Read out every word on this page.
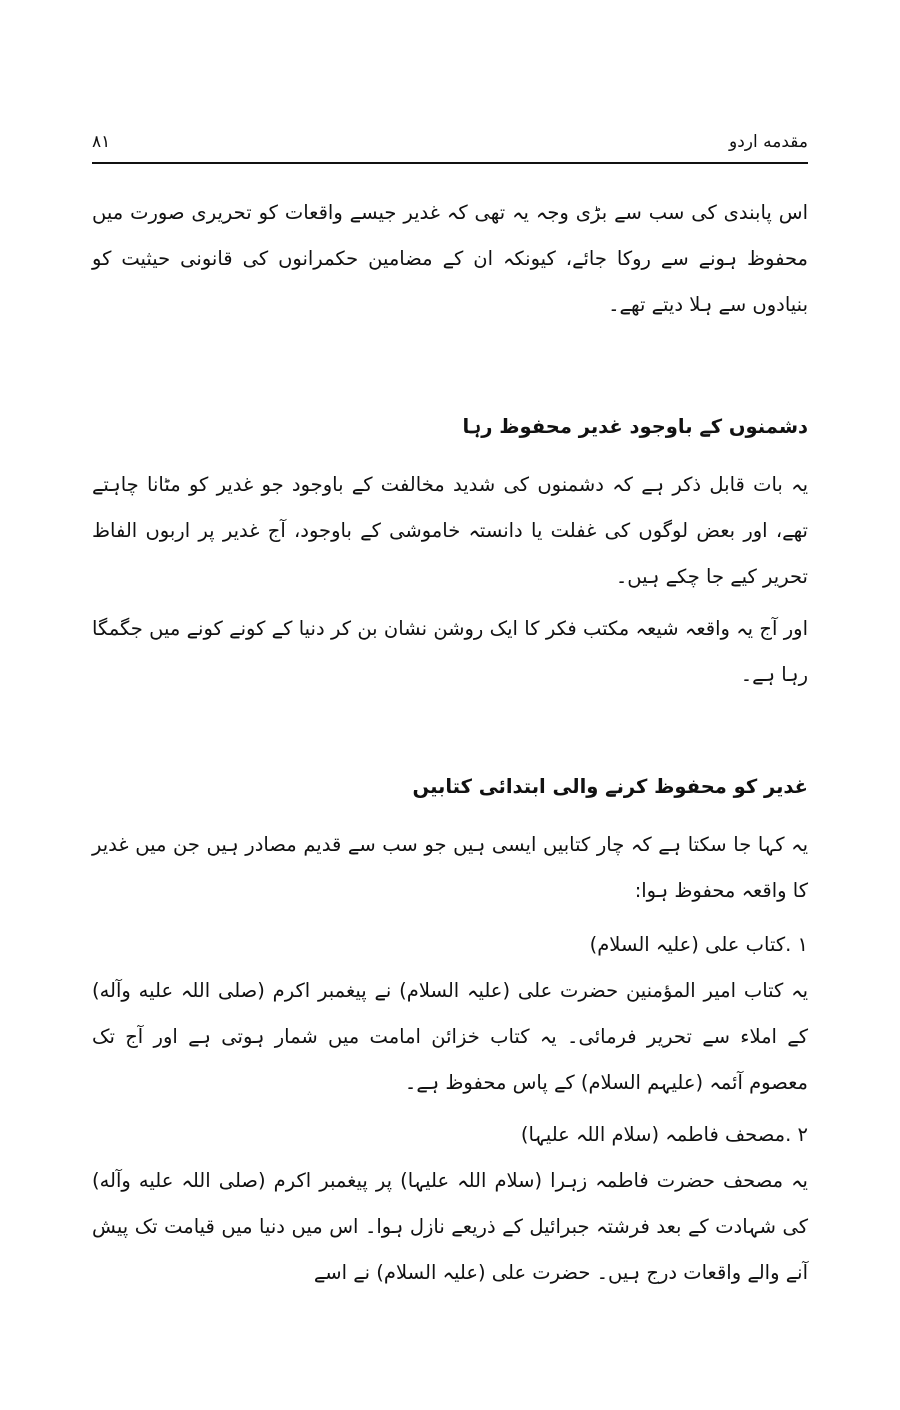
مقدمه اردو
۸۱

اس پابندی کی سب سے بڑی وجہ یہ تھی کہ غدیر جیسے واقعات کو تحریری صورت میں محفوظ ہونے سے روکا جائے، کیونکہ ان کے مضامین حکمرانوں کی قانونی حیثیت کو بنیادوں سے ہلا دیتے تھے۔

دشمنوں کے باوجود غدیر محفوظ رہا

یہ بات قابل ذکر ہے کہ دشمنوں کی شدید مخالفت کے باوجود جو غدیر کو مٹانا چاہتے تھے، اور بعض لوگوں کی غفلت یا دانستہ خاموشی کے باوجود، آج غدیر پر اربوں الفاظ تحریر کیے جا چکے ہیں۔

اور آج یہ واقعہ شیعہ مکتب فکر کا ایک روشن نشان بن کر دنیا کے کونے کونے میں جگمگا رہا ہے۔

غدیر کو محفوظ کرنے والی ابتدائی کتابیں

یہ کہا جا سکتا ہے کہ چار کتابیں ایسی ہیں جو سب سے قدیم مصادر ہیں جن میں غدیر کا واقعہ محفوظ ہوا:

۱ .کتاب علی (علیہ السلام)

یہ کتاب امیر المؤمنین حضرت علی (علیہ السلام) نے پیغمبر اکرم (صلی اللہ علیه وآله) کے املاء سے تحریر فرمائی۔ یہ کتاب خزائن امامت میں شمار ہوتی ہے اور آج تک معصوم آئمہ (علیہم السلام) کے پاس محفوظ ہے۔

۲ .مصحف فاطمہ (سلام اللہ علیہا)

یہ مصحف حضرت فاطمہ زہرا (سلام اللہ علیہا) پر پیغمبر اکرم (صلی اللہ علیه وآله) کی شہادت کے بعد فرشتہ جبرائیل کے ذریعے نازل ہوا۔ اس میں دنیا میں قیامت تک پیش آنے والے واقعات درج ہیں۔ حضرت علی (علیہ السلام) نے اسے
